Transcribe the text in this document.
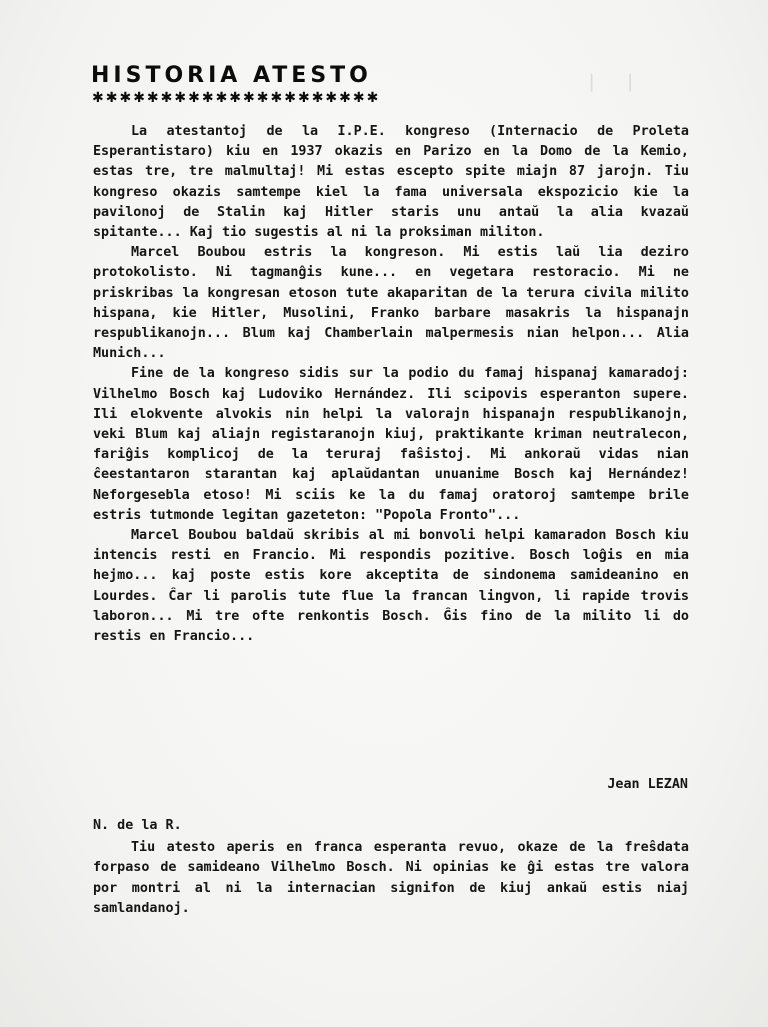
❘ ❘
HISTORIA ATESTO
✱✱✱✱✱✱✱✱✱✱✱✱✱✱✱✱✱✱✱✱✱

La atestantoj de la I.P.E. kongreso (Internacio de Proleta Esperantistaro) kiu en 1937 okazis en Parizo en la Domo de la Kemio, estas tre, tre malmultaj! Mi estas escepto spite miajn 87 jarojn. Tiu kongreso okazis samtempe kiel la fama universala ekspozicio kie la pavilonoj de Stalin kaj Hitler staris unu antaŭ la alia kvazaŭ spitante... Kaj tio sugestis al ni la proksiman militon.

Marcel Boubou estris la kongreson. Mi estis laŭ lia deziro protokolisto. Ni tagmanĝis kune... en vegetara restoracio. Mi ne priskribas la kongresan etoson tute akaparitan de la terura civila milito hispana, kie Hitler, Musolini, Franko barbare masakris la hispanajn respublikanojn... Blum kaj Chamberlain malpermesis nian helpon... Alia Munich...

Fine de la kongreso sidis sur la podio du famaj hispanaj kamaradoj: Vilhelmo Bosch kaj Ludoviko Hernández. Ili scipovis esperanton supere. Ili elokvente alvokis nin helpi la valorajn hispanajn respublikanojn, veki Blum kaj aliajn registaranojn kiuj, praktikante kriman neutralecon, fariĝis komplicoj de la teruraj faŝistoj. Mi ankoraŭ vidas nian ĉeestantaron starantan kaj aplaŭdantan unuanime Bosch kaj Hernández! Neforgesebla etoso! Mi sciis ke la du famaj oratoroj samtempe brile estris tutmonde legitan gazeteton: "Popola Fronto"...

Marcel Boubou baldaŭ skribis al mi bonvoli helpi kamaradon Bosch kiu intencis resti en Francio. Mi respondis pozitive. Bosch loĝis en mia hejmo... kaj poste estis kore akceptita de sindonema samideanino en Lourdes. Ĉar li parolis tute flue la francan lingvon, li rapide trovis laboron... Mi tre ofte renkontis Bosch. Ĝis fino de la milito li do restis en Francio...

Jean LEZAN
N. de la R.

Tiu atesto aperis en franca esperanta revuo, okaze de la freŝdata forpaso de samideano Vilhelmo Bosch. Ni opinias ke ĝi estas tre valora por montri al ni la internacian signifon de kiuj ankaŭ estis niaj samlandanoj.
